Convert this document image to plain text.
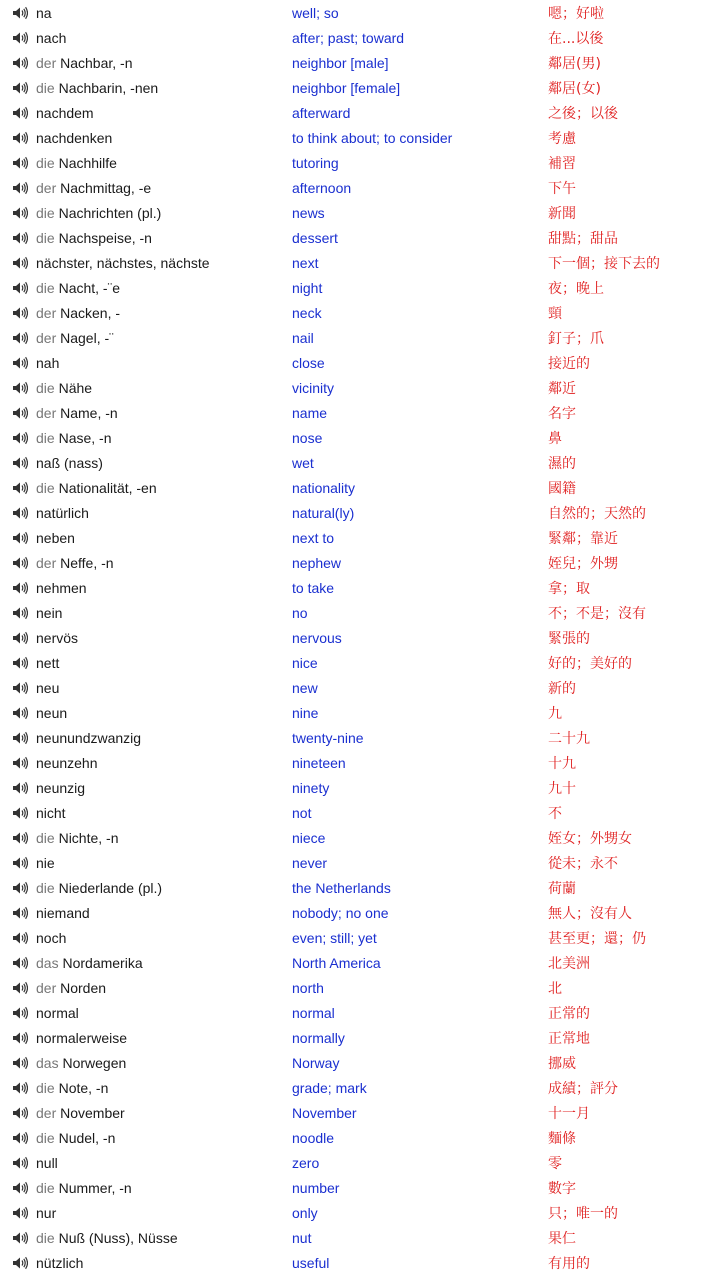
na	well; so	嗯；好啦
nach	after; past; toward	在...以後
der Nachbar, -n	neighbor [male]	鄰居(男)
die Nachbarin, -nen	neighbor [female]	鄰居(女)
nachdem	afterward	之後；以後
nachdenken	to think about; to consider	考慮
die Nachhilfe	tutoring	補習
der Nachmittag, -e	afternoon	下午
die Nachrichten (pl.)	news	新聞
die Nachspeise, -n	dessert	甜點；甜品
nächster, nächstes, nächste	next	下一個；接下去的
die Nacht, -¨e	night	夜；晚上
der Nacken, -	neck	頸
der Nagel, -¨	nail	釘子；爪
nah	close	接近的
die Nähe	vicinity	鄰近
der Name, -n	name	名字
die Nase, -n	nose	鼻
naß (nass)	wet	濕的
die Nationalität, -en	nationality	國籍
natürlich	natural(ly)	自然的；天然的
neben	next to	緊鄰；靠近
der Neffe, -n	nephew	姪兒；外甥
nehmen	to take	拿；取
nein	no	不；不是；沒有
nervös	nervous	緊張的
nett	nice	好的；美好的
neu	new	新的
neun	nine	九
neunundzwanzig	twenty-nine	二十九
neunzehn	nineteen	十九
neunzig	ninety	九十
nicht	not	不
die Nichte, -n	niece	姪女；外甥女
nie	never	從未；永不
die Niederlande (pl.)	the Netherlands	荷蘭
niemand	nobody; no one	無人；沒有人
noch	even; still; yet	甚至更；還；仍
das Nordamerika	North America	北美洲
der Norden	north	北
normal	normal	正常的
normalerweise	normally	正常地
das Norwegen	Norway	挪威
die Note, -n	grade; mark	成績；評分
der November	November	十一月
die Nudel, -n	noodle	麵條
null	zero	零
die Nummer, -n	number	數字
nur	only	只；唯一的
die Nuß (Nuss), Nüsse	nut	果仁
nützlich	useful	有用的
